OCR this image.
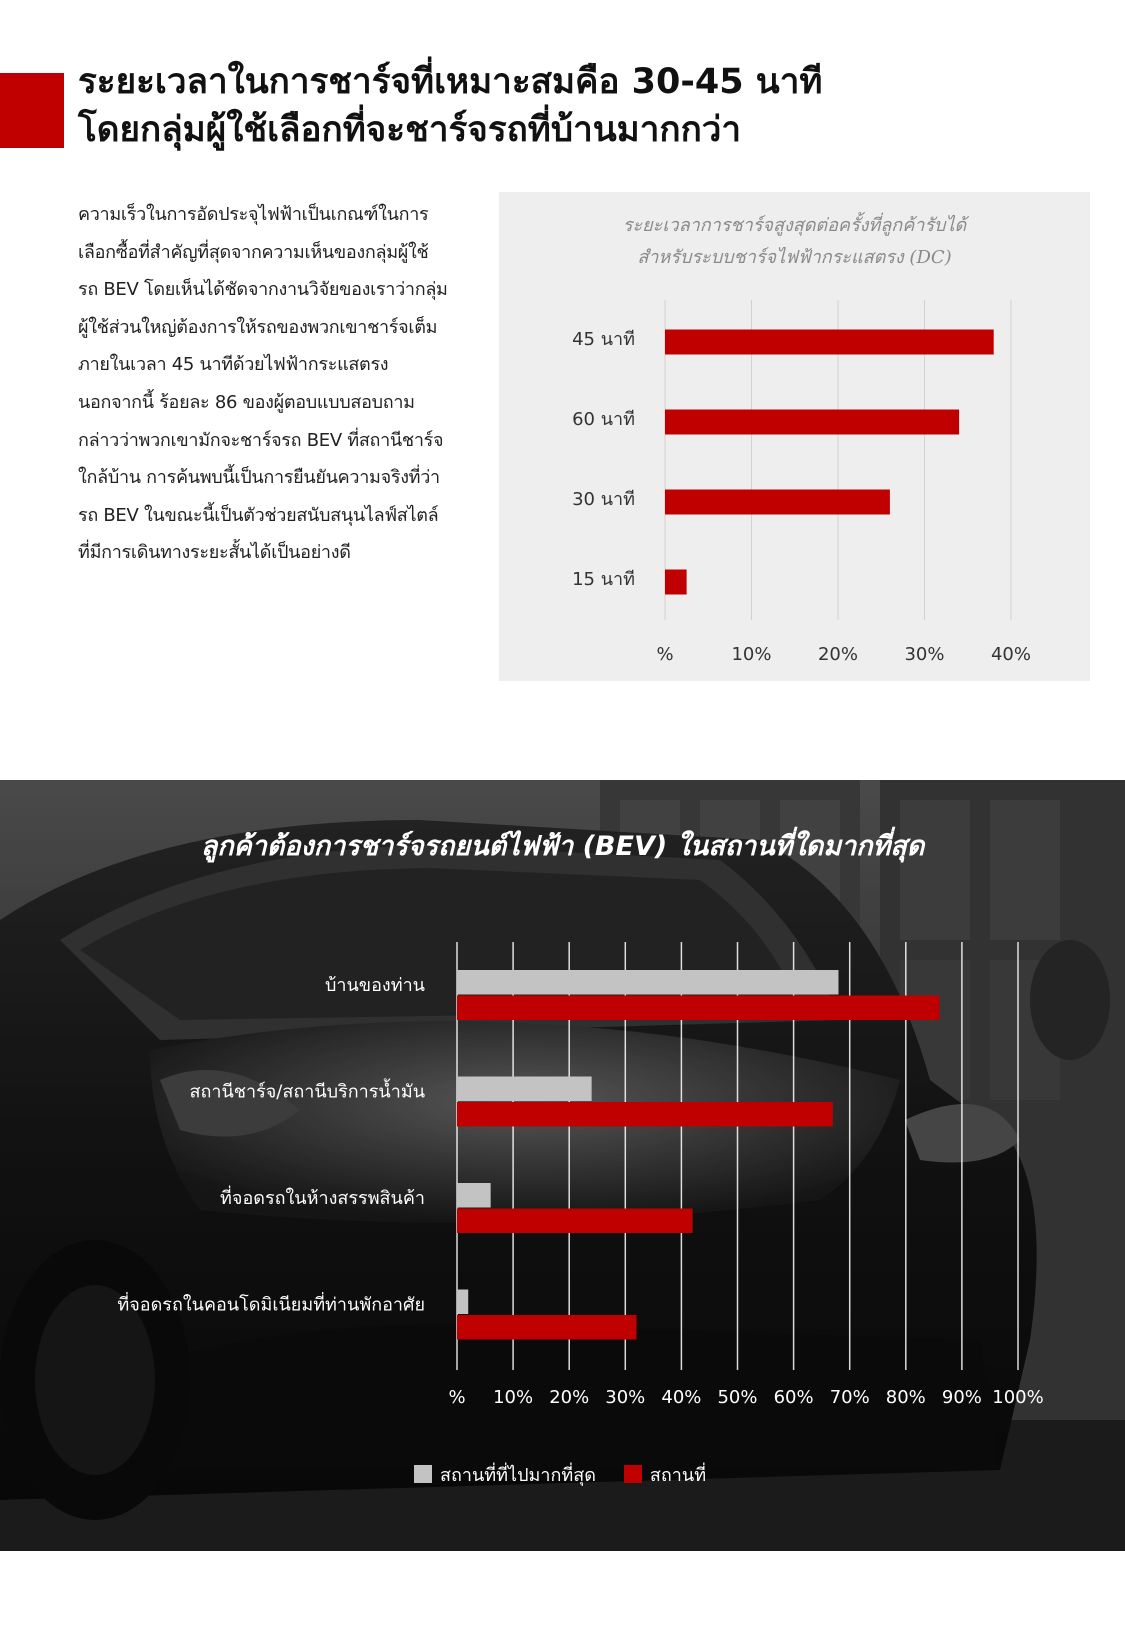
ระยะเวลาในการชาร์จที่เหมาะสมคือ 30-45 นาที
โดยกลุ่มผู้ใช้เลือกที่จะชาร์จรถที่บ้านมากกว่า
ความเร็วในการอัดประจุไฟฟ้าเป็นเกณฑ์ในการ
เลือกซื้อที่สำคัญที่สุดจากความเห็นของกลุ่มผู้ใช้
รถ BEV โดยเห็นได้ชัดจากงานวิจัยของเราว่ากลุ่ม
ผู้ใช้ส่วนใหญ่ต้องการให้รถของพวกเขาชาร์จเต็ม
ภายในเวลา 45 นาทีด้วยไฟฟ้ากระแสตรง
นอกจากนี้ ร้อยละ 86 ของผู้ตอบแบบสอบถาม
กล่าวว่าพวกเขามักจะชาร์จรถ BEV ที่สถานีชาร์จ
ใกล้บ้าน การค้นพบนี้เป็นการยืนยันความจริงที่ว่า
รถ BEV ในขณะนี้เป็นตัวช่วยสนับสนุนไลฟ์สไตล์
ที่มีการเดินทางระยะสั้นได้เป็นอย่างดี
ระยะเวลาการชาร์จสูงสุดต่อครั้งที่ลูกค้ารับได้
สำหรับระบบชาร์จไฟฟ้ากระแสตรง (DC)
%	10%	20%	30%	40%
45 นาที
60 นาที
30 นาที
15 นาที
ลูกค้าต้องการชาร์จรถยนต์ไฟฟ้า (BEV) ในสถานที่ใดมากที่สุด
% 10% 20% 30% 40% 50% 60% 70% 80% 90% 100%
บ้านของท่าน
สถานีชาร์จ/สถานีบริการน้ำมัน
ที่จอดรถในห้างสรรพสินค้า
ที่จอดรถในคอนโดมิเนียมที่ท่านพักอาศัย
สถานที่ที่ไปมากที่สุด	สถานที่
